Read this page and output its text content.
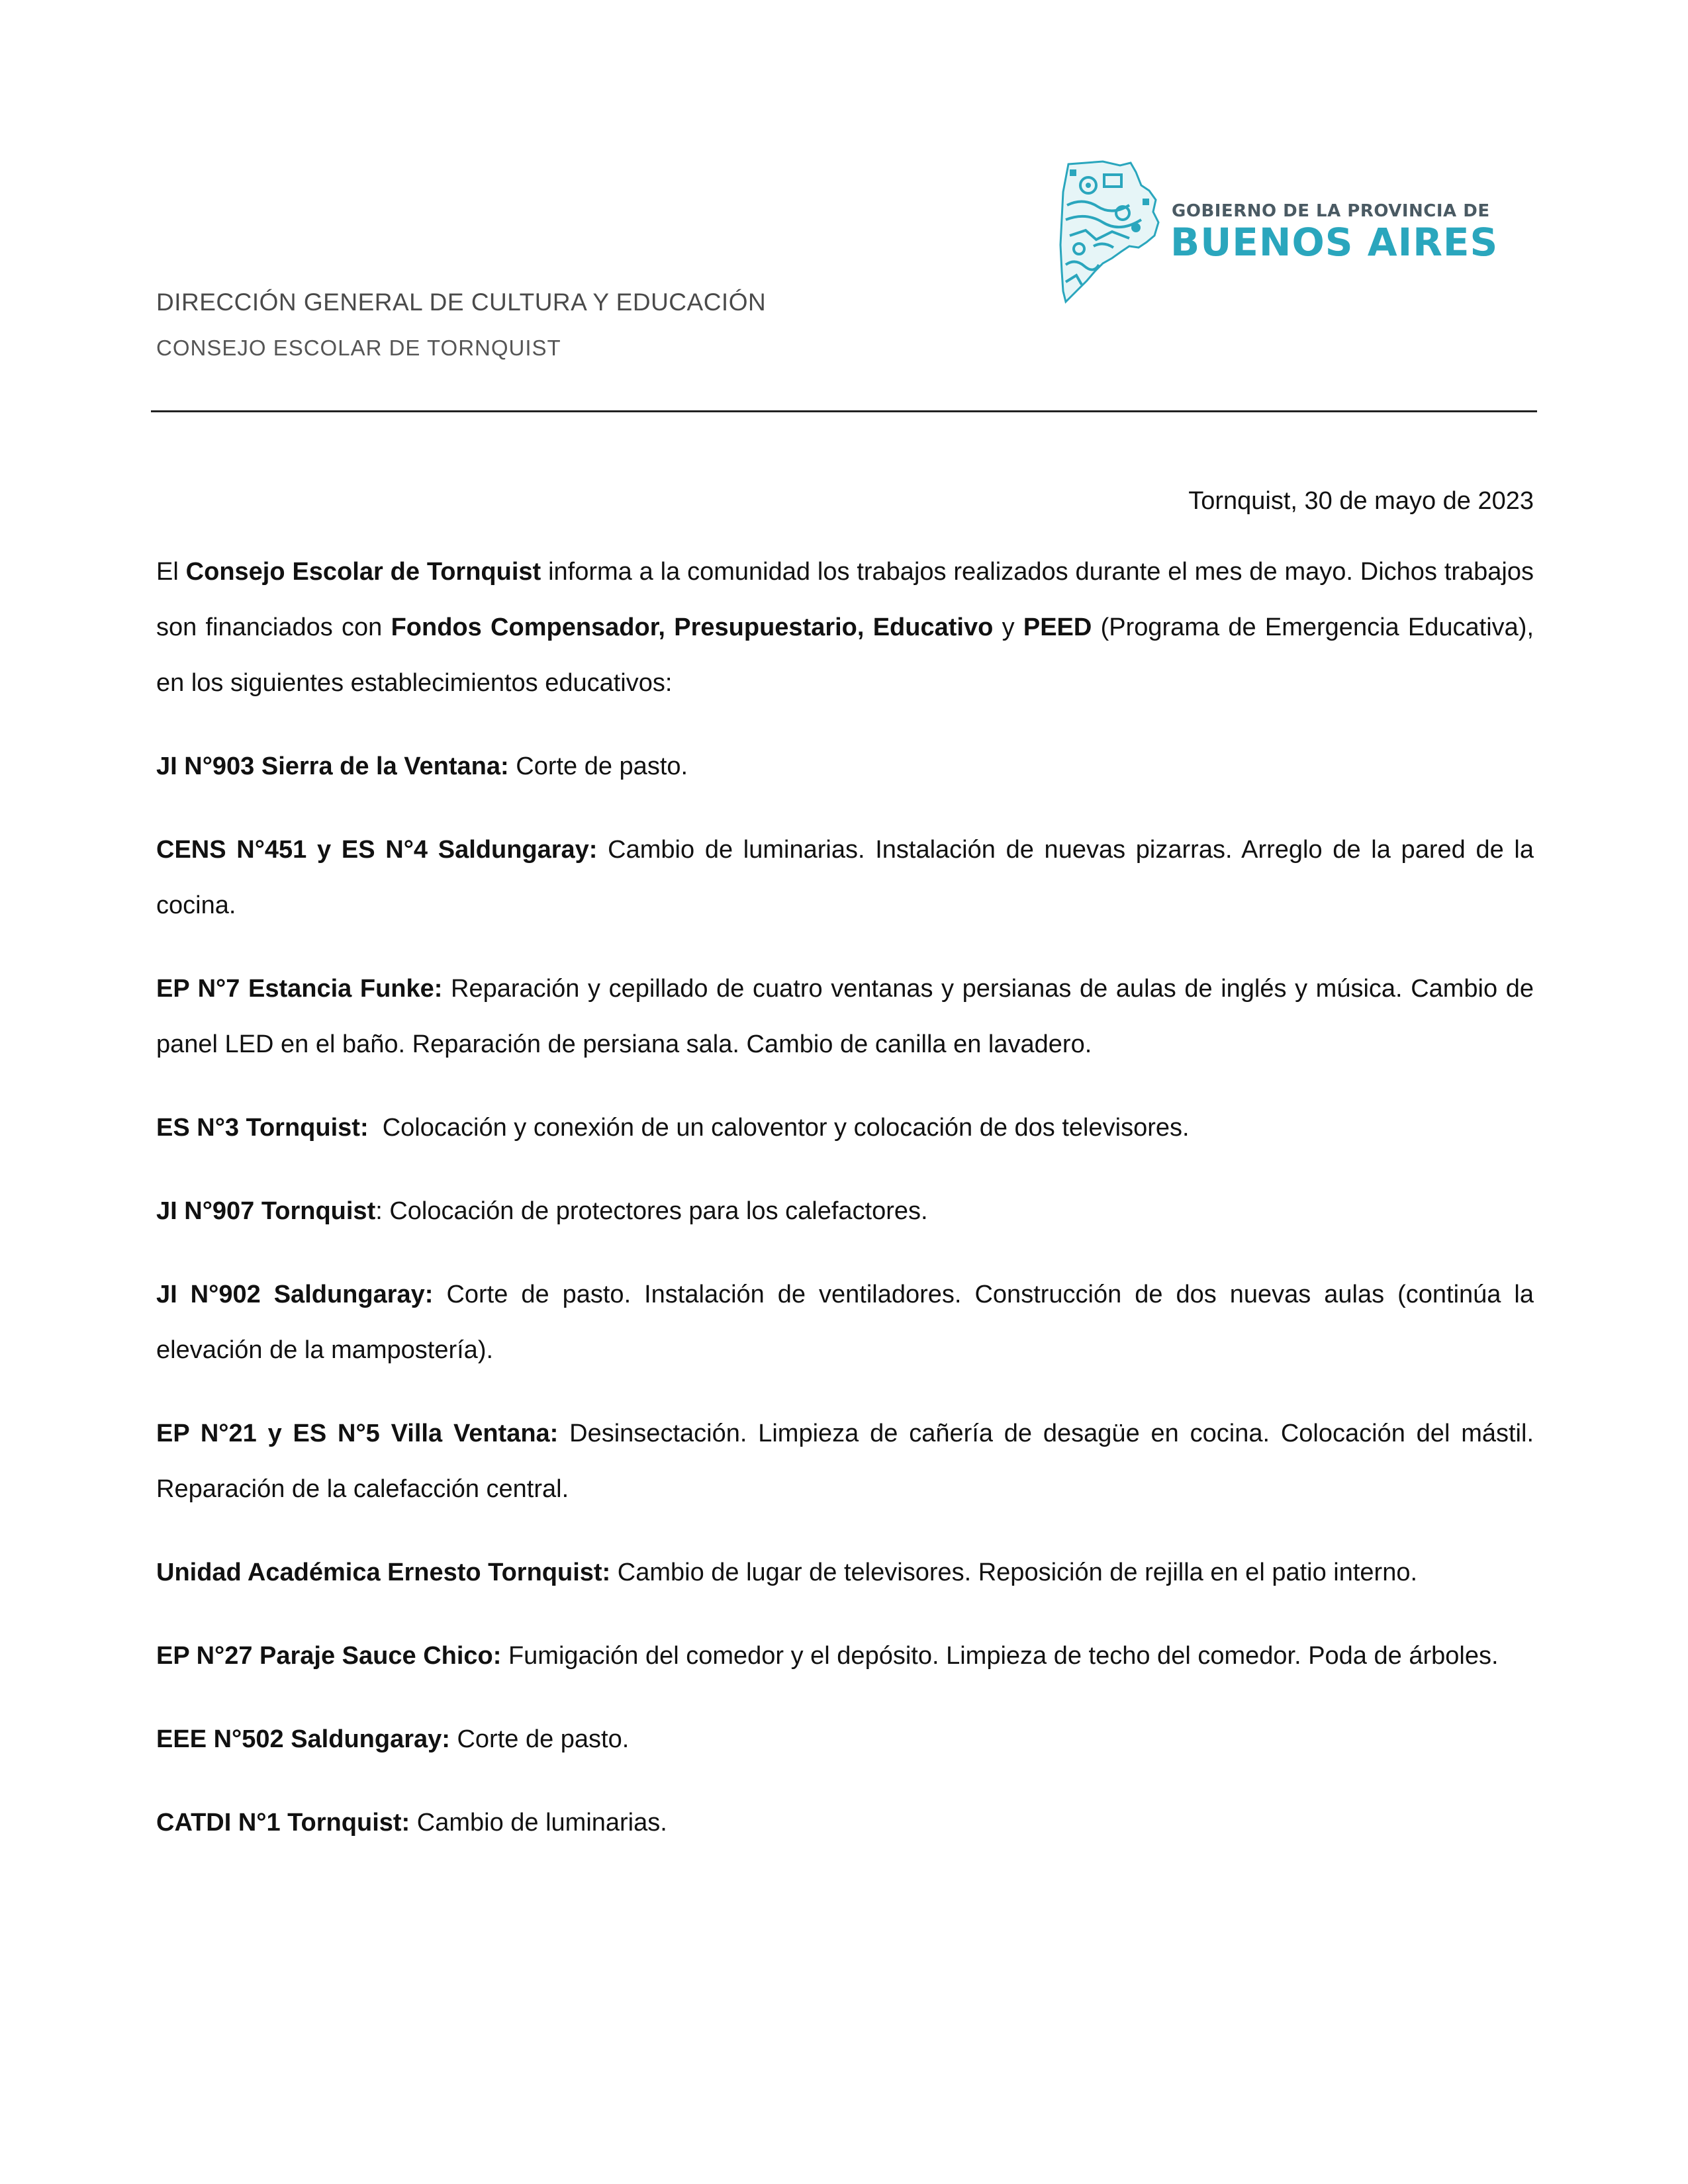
GOBIERNO DE LA PROVINCIA DE
BUENOS AIRES
DIRECCIÓN GENERAL DE CULTURA Y EDUCACIÓN
CONSEJO ESCOLAR DE TORNQUIST
Tornquist, 30 de mayo de 2023

El Consejo Escolar de Tornquist informa a la comunidad los trabajos realizados durante el mes de mayo. Dichos trabajos son financiados con Fondos Compensador, Presupuestario, Educativo y PEED (Programa de Emergencia Educativa), en los siguientes establecimientos educativos:

JI N°903 Sierra de la Ventana: Corte de pasto.

CENS N°451 y ES N°4 Saldungaray: Cambio de luminarias. Instalación de nuevas pizarras. Arreglo de la pared de la cocina.

EP N°7 Estancia Funke: Reparación y cepillado de cuatro ventanas y persianas de aulas de inglés y música. Cambio de panel LED en el baño. Reparación de persiana sala. Cambio de canilla en lavadero.

ES N°3 Tornquist:  Colocación y conexión de un caloventor y colocación de dos televisores.

JI N°907 Tornquist: Colocación de protectores para los calefactores.

JI N°902 Saldungaray: Corte de pasto. Instalación de ventiladores. Construcción de dos nuevas aulas (continúa la elevación de la mampostería).

EP N°21 y ES N°5 Villa Ventana: Desinsectación. Limpieza de cañería de desagüe en cocina. Colocación del mástil. Reparación de la calefacción central.

Unidad Académica Ernesto Tornquist: Cambio de lugar de televisores. Reposición de rejilla en el patio interno.

EP N°27 Paraje Sauce Chico: Fumigación del comedor y el depósito. Limpieza de techo del comedor. Poda de árboles.

EEE N°502 Saldungaray: Corte de pasto.

CATDI N°1 Tornquist: Cambio de luminarias.
